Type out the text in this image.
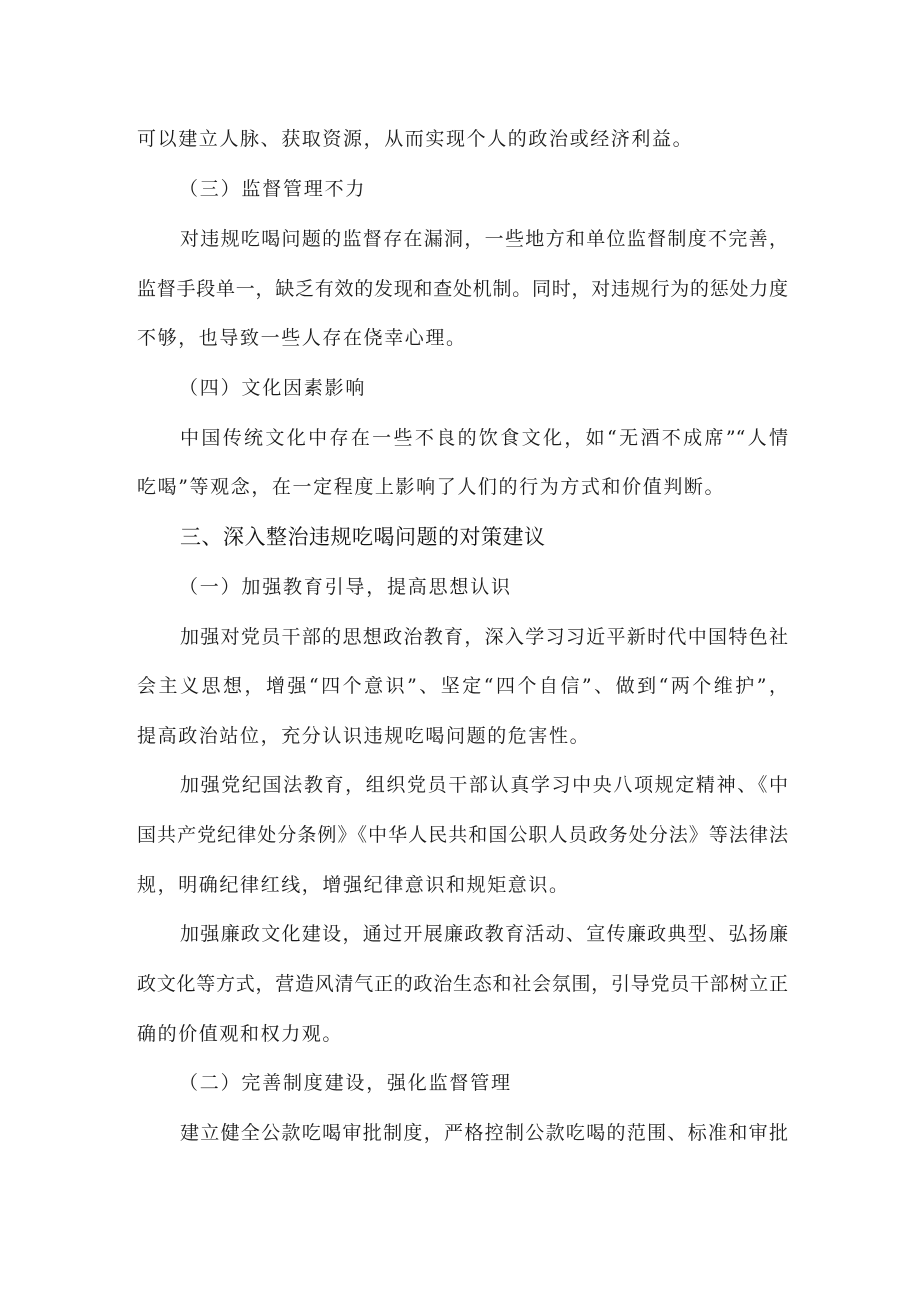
可以建立人脉、获取资源，从而实现个人的政治或经济利益。
（三）监督管理不力
对违规吃喝问题的监督存在漏洞，一些地方和单位监督制度不完善，
监督手段单一，缺乏有效的发现和查处机制。同时，对违规行为的惩处力度
不够，也导致一些人存在侥幸心理。
（四）文化因素影响
中国传统文化中存在一些不良的饮食文化，如“无酒不成席”“人情
吃喝”等观念，在一定程度上影响了人们的行为方式和价值判断。
三、深入整治违规吃喝问题的对策建议
（一）加强教育引导，提高思想认识
加强对党员干部的思想政治教育，深入学习习近平新时代中国特色社
会主义思想，增强“四个意识”、坚定“四个自信”、做到“两个维护”，
提高政治站位，充分认识违规吃喝问题的危害性。
加强党纪国法教育，组织党员干部认真学习中央八项规定精神、《中
国共产党纪律处分条例》《中华人民共和国公职人员政务处分法》等法律法
规，明确纪律红线，增强纪律意识和规矩意识。
加强廉政文化建设，通过开展廉政教育活动、宣传廉政典型、弘扬廉
政文化等方式，营造风清气正的政治生态和社会氛围，引导党员干部树立正
确的价值观和权力观。
（二）完善制度建设，强化监督管理
建立健全公款吃喝审批制度，严格控制公款吃喝的范围、标准和审批
